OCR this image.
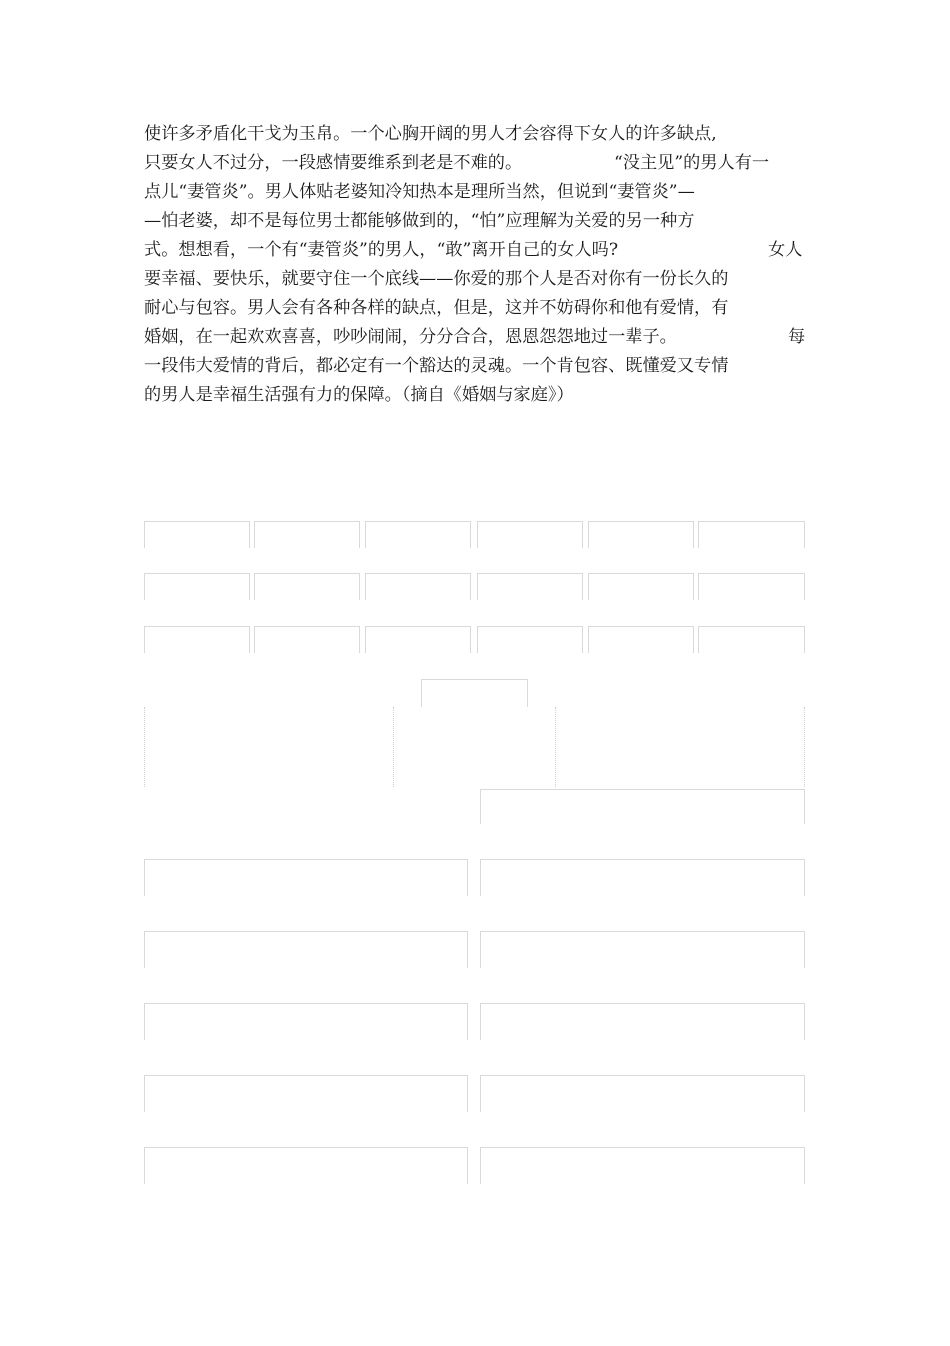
使许多矛盾化干戈为玉帛。一个心胸开阔的男人才会容得下女人的许多缺点,
只要女人不过分，一段感情要维系到老是不难的。	“没主见”的男人有一
点儿“妻管炎”。男人体贴老婆知冷知热本是理所当然，但说到“妻管炎”—
—怕老婆，却不是每位男士都能够做到的，“怕”应理解为关爱的另一种方
式。想想看，一个有“妻管炎”的男人，“敢”离开自己的女人吗?	女人
要幸福、要快乐，就要守住一个底线——你爱的那个人是否对你有一份长久的
耐心与包容。男人会有各种各样的缺点，但是，这并不妨碍你和他有爱情，有
婚姻，在一起欢欢喜喜，吵吵闹闹，分分合合，恩恩怨怨地过一辈子。	每
一段伟大爱情的背后，都必定有一个豁达的灵魂。一个肯包容、既懂爱又专情
的男人是幸福生活强有力的保障。（摘自《婚姻与家庭》）
